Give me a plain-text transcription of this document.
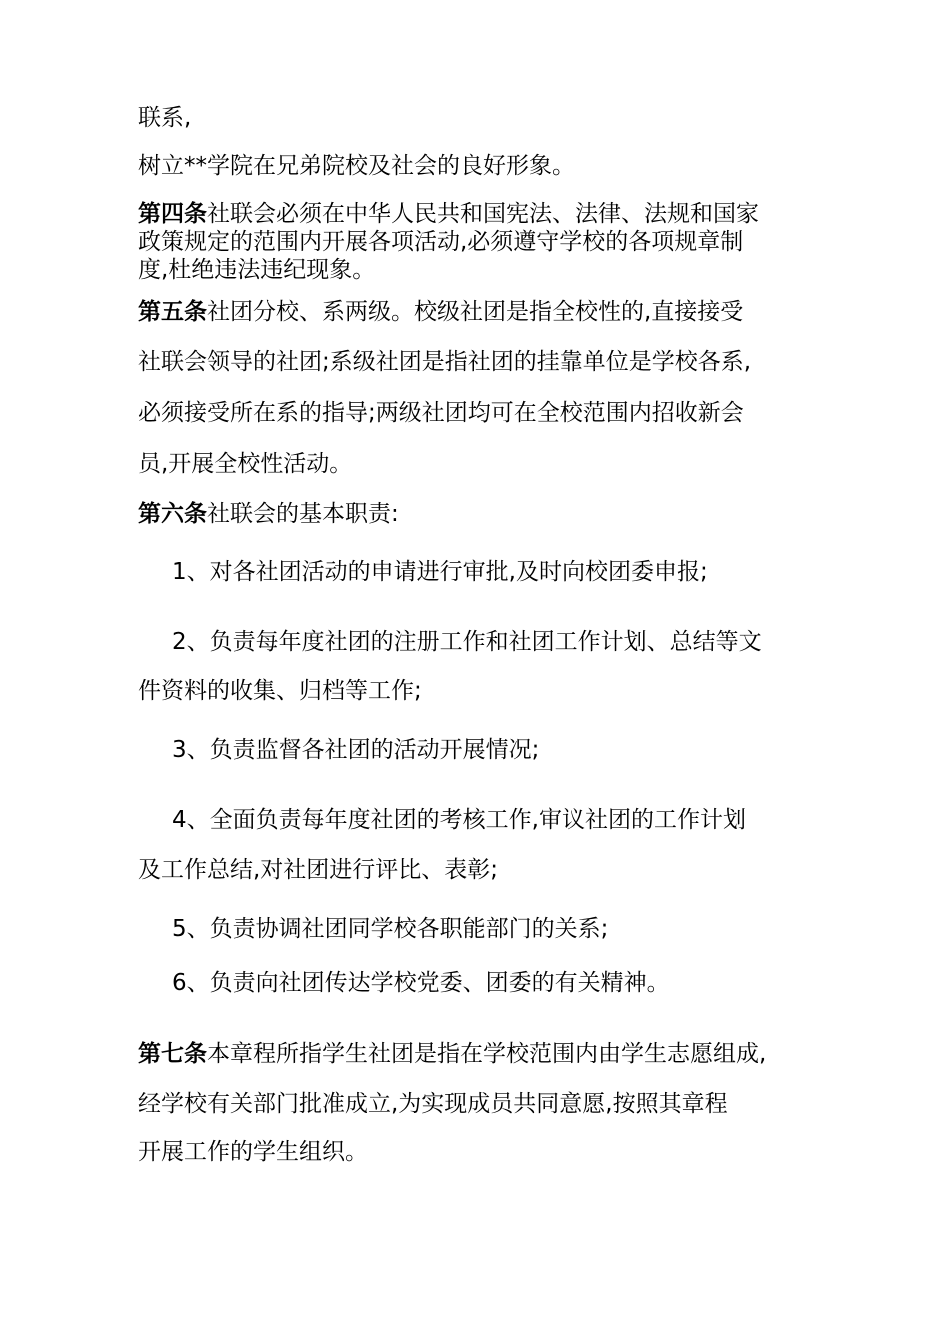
联系,
树立**学院在兄弟院校及社会的良好形象。
第四条社联会必须在中华人民共和国宪法、法律、法规和国家
政策规定的范围内开展各项活动,必须遵守学校的各项规章制
度,杜绝违法违纪现象。
第五条社团分校、系两级。校级社团是指全校性的,直接接受
社联会领导的社团;系级社团是指社团的挂靠单位是学校各系,
必须接受所在系的指导;两级社团均可在全校范围内招收新会
员,开展全校性活动。
第六条社联会的基本职责:
1、对各社团活动的申请进行审批,及时向校团委申报;
2、负责每年度社团的注册工作和社团工作计划、总结等文
件资料的收集、归档等工作;
3、负责监督各社团的活动开展情况;
4、全面负责每年度社团的考核工作,审议社团的工作计划
及工作总结,对社团进行评比、表彰;
5、负责协调社团同学校各职能部门的关系;
6、负责向社团传达学校党委、团委的有关精神。
第七条本章程所指学生社团是指在学校范围内由学生志愿组成,
经学校有关部门批准成立,为实现成员共同意愿,按照其章程
开展工作的学生组织。
